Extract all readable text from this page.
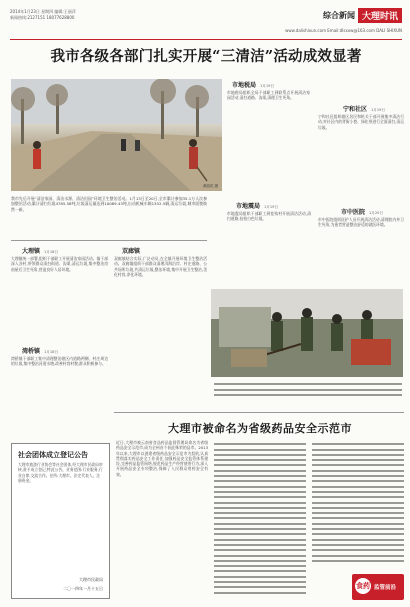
2014年1月23日 星期四 编辑:王丽萍
新闻热线:2127151 18077628800	综合新闻 大理时讯
www.dalishixun.com Email:dlsxxw@163.com DALI SHIXUN
我市各级各部门扎实开展“三清洁”活动成效显著
黄丽花 摄
我市先后开展“清洁家园、清洁水源、清洁田园”环境卫生整治活动。1月13日至20日,全市累计参加35.1万人次参加整治活动,累计清扫垃圾4785.58吨,垃圾清运量达到10089.43吨,出动机械车辆1352.5辆,清运垃圾,城市面貌焕然一新。
大理镇 1月18日
大理镇统一部署,组织干部职工开展清洁家园活动。镇干部深入各村,带领群众清扫街道、沟渠,清运垃圾,集中整治房前屋后卫生死角,营造良好人居环境。
湾桥镇 1月18日
湾桥镇干部职工集中清理整治辖区内道路两侧、村庄周边的垃圾,集中整治河道水塘,改善村容村貌,群众积极参与。
双廊镇
双廊镇结合实际,广泛动员,在全镇开展环境卫生整治活动。双廊镇组织干部群众清理洱海沿岸、村庄道路、公共场所垃圾,共清运垃圾,整治环境,集中开展卫生整治,美化村容,净化环境。
市地税局 1月19日
市地税局组织全局干部职工到联系点开展清洁家园活动,清扫道路、沟渠,清理卫生死角。
宁和社区 1月19日
宁和社区组织辖区居民和机关干部开展集中清洁行动,对社区内的背街小巷、绿化带进行全面清扫,清运垃圾。
市地震局 1月19日
市地震局组织干部职工到挂钩村开展清洁活动,清扫道路,捡拾白色垃圾。
市中医院 1月20日
市中医院组织医护人员开展清洁活动,清理院内外卫生死角,为患者营造整洁舒适的就医环境。
社会团体成立登记公告
大理市旅游行业协会等社会团体,经大理市民政局审核,准予成立登记,特此公告。业务范围:行业服务,行业自律,交流合作。住所:大理市。法定代表人。注册资金。
大理市民政局
二〇一四年一月十五日
大理市被命名为省级药品安全示范市
近日,大理市被云南省食品药品监督管理局命名为省级药品安全示范市,成为全州首个获此殊荣的县市。2013年以来,大理市以创建省级药品安全示范市为契机,认真贯彻落实药品安全工作责任,加强药品安全监管体系建设,完善药品监管网络,规范药品生产经营使用行为,深入开展药品安全专项整治,保障了人民群众用药安全有效。
食药 监管前沿
